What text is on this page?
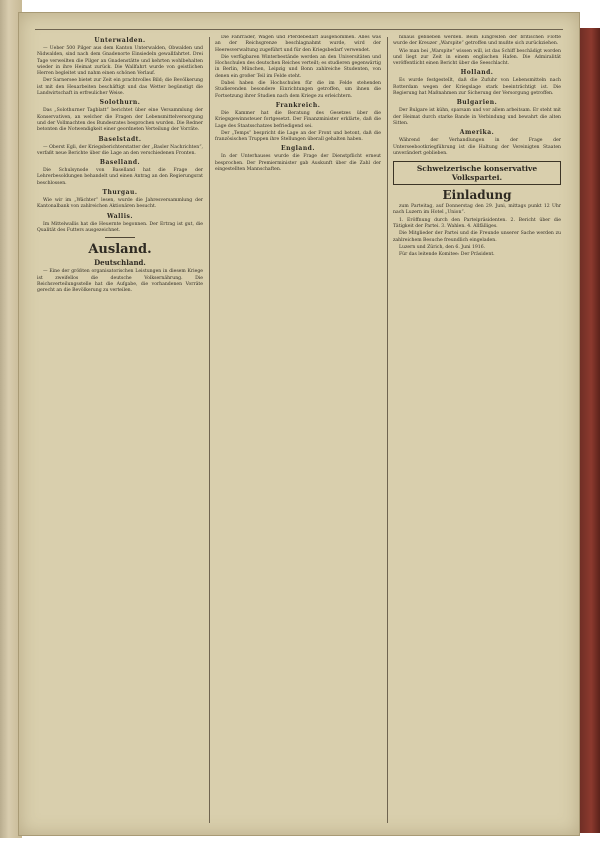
Unterwalden.
— Ueber 500 Pilger aus dem Kanton Unterwalden, Obwalden und Nidwalden, sind nach dem Gnadenorte Einsiedeln gewallfahrtet. Drei Tage verweilten die Pilger an Gnadenstätte und kehrten wohlbehalten wieder in ihre Heimat zurück. Die Wallfahrt wurde von geistlichen Herren begleitet und nahm einen schönen Verlauf.
Der Sarnersee bietet zur Zeit ein prachtvolles Bild; die Bevölkerung ist mit den Heuarbeiten beschäftigt und das Wetter begünstigt die Landwirtschaft in erfreulicher Weise.
Solothurn.
Das „Solothurner Tagblatt“ berichtet über eine Versammlung der Konservativen, an welcher die Fragen der Lebensmittelversorgung und der Vollmachten des Bundesrates besprochen wurden. Die Redner betonten die Notwendigkeit einer geordneten Verteilung der Vorräte.
Baselstadt.
— Oberst Egli, der Kriegsberichterstatter der „Basler Nachrichten“, verfaßt neue Berichte über die Lage an den verschiedenen Fronten.
Baselland.
Die Schulsynode von Baselland hat die Frage der Lehrerbesoldungen behandelt und einen Antrag an den Regierungsrat beschlossen.
Thurgau.
Wie wir im „Wächter“ lesen, wurde die Jahresversammlung der Kantonalbank von zahlreichen Aktionären besucht.
Wallis.
Im Mittelwallis hat die Heuernte begonnen. Der Ertrag ist gut, die Qualität des Futters ausgezeichnet.
Ausland.
Deutschland.
— Eine der größten organisatorischen Leistungen in diesem Kriege ist zweifellos die deutsche Volksernährung. Die Reichsverteilungsstelle hat die Aufgabe, die vorhandenen Vorräte gerecht an die Bevölkerung zu verteilen.
Die Fahrräder, Wagen und Pferdebedarf ausgenommen. Alles was an der Reichsgrenze beschlagnahmt wurde, wird der Heeresverwaltung zugeführt und für den Kriegsbedarf verwendet.
Die verfügbaren Winterbestände werden an den Universitäten und Hochschulen des deutschen Reiches verteilt; es studieren gegenwärtig in Berlin, München, Leipzig und Bonn zahlreiche Studenten, von denen ein großer Teil im Felde steht.
Dabei haben die Hochschulen für die im Felde stehenden Studierenden besondere Einrichtungen getroffen, um ihnen die Fortsetzung ihrer Studien nach dem Kriege zu erleichtern.
Frankreich.
Die Kammer hat die Beratung des Gesetzes über die Kriegsgewinnsteuer fortgesetzt. Der Finanzminister erklärte, daß die Lage des Staatsschatzes befriedigend sei.
Der „Temps“ bespricht die Lage an der Front und betont, daß die französischen Truppen ihre Stellungen überall gehalten haben.
England.
In der Unterhauses wurde die Frage der Dienstpflicht erneut besprochen. Der Premierminister gab Auskunft über die Zahl der eingestellten Mannschaften.
hinaus geblieben werden. Beim Eingreifen der britischen Flotte wurde der Kreuzer „Warspite“ getroffen und mußte sich zurückziehen.
Wie man bei „Warspite“ wissen will, ist das Schiff beschädigt worden und liegt zur Zeit in einem englischen Hafen. Die Admiralität veröffentlicht einen Bericht über die Seeschlacht.
Holland.
Es wurde festgestellt, daß die Zufuhr von Lebensmitteln nach Rotterdam wegen der Kriegslage stark beeinträchtigt ist. Die Regierung hat Maßnahmen zur Sicherung der Versorgung getroffen.
Bulgarien.
Der Bulgare ist kühn, sparsam und vor allem arbeitsam. Er steht mit der Heimat durch starke Bande in Verbindung und bewahrt die alten Sitten.
Amerika.
Während der Verhandlungen in der Frage der Unterseebootkriegführung ist die Haltung der Vereinigten Staaten unverändert geblieben.
Schweizerische konservative Volkspartei.
Einladung
zum Parteitag, auf Donnerstag den 29. Juni, mittags punkt 12 Uhr nach Luzern im Hotel „Union“.
1. Eröffnung durch den Parteipräsidenten. 2. Bericht über die Tätigkeit der Partei. 3. Wahlen. 4. Allfälliges.
Die Mitglieder der Partei und die Freunde unserer Sache werden zu zahlreichem Besuche freundlich eingeladen.
Luzern und Zürich, den 6. Juni 1916.
Für das leitende Komitee: Der Präsident.
